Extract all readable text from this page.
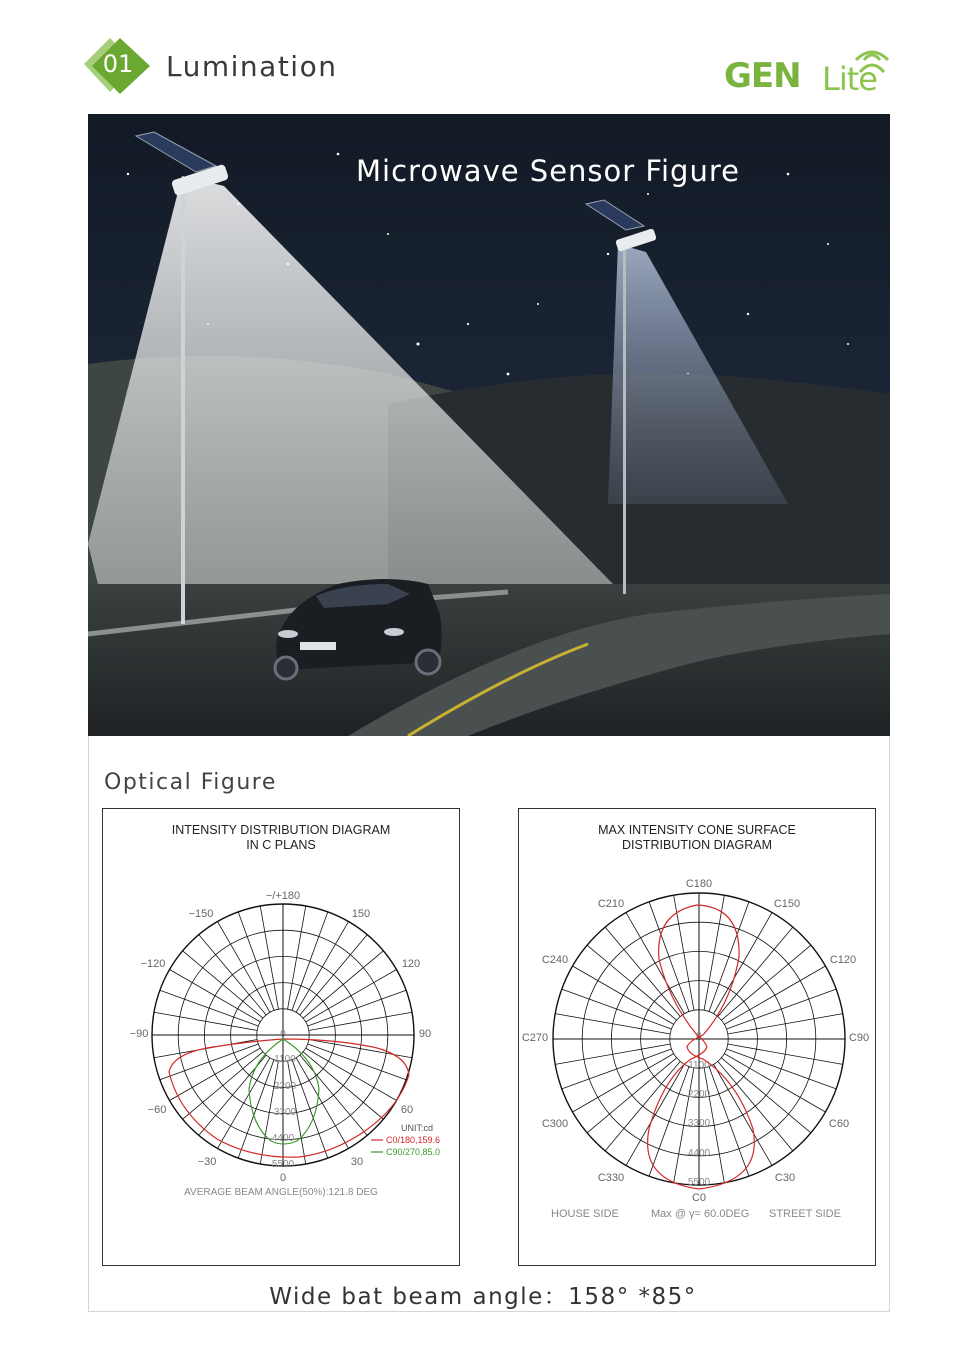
01	Lumination	GEN Lite
Microwave Sensor Figure
Optical Figure
−/+180
150
−150
120
−120
90
−90
60
−60
30
−30
0
0
1100
2200
3300
4400
5500
UNIT:cd
C0/180,159.6
C90/270,85.0
AVERAGE BEAM ANGLE(50%):121.8 DEG
INTENSITY DISTRIBUTION DIAGRAM
IN C PLANS
C180
C210	C150
C240	C120
C270	C90
C300	C60
C330	C30
C0
0
1100
2200
3300
4400
5500
HOUSE SIDE	Max @ γ= 60.0DEG STREET SIDE
MAX INTENSITY CONE SURFACE
DISTRIBUTION DIAGRAM
Wide bat beam angle：158° *85°
